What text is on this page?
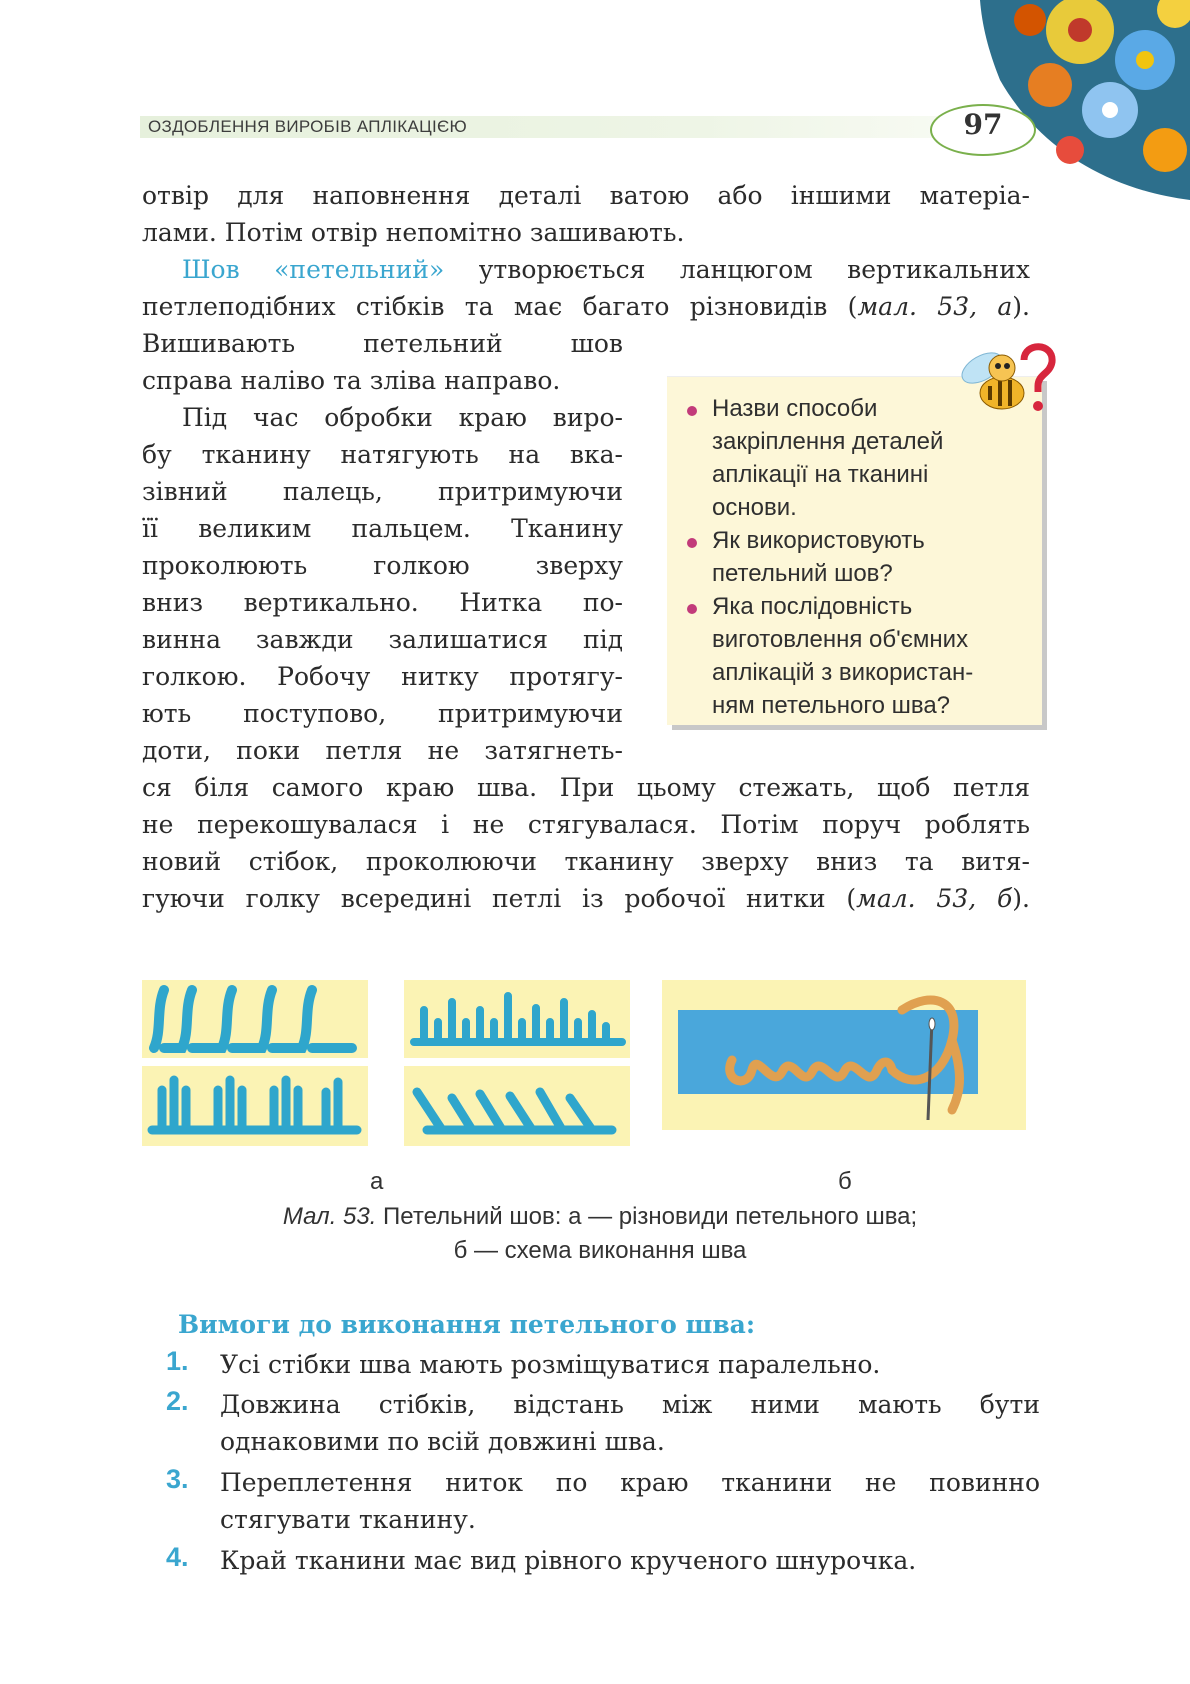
ОЗДОБЛЕННЯ ВИРОБІВ АПЛІКАЦІЄЮ	97
отвір для наповнення деталі ватою або іншими матеріа-
лами. Потім отвір непомітно зашивають.
Шов «петельний» утворюється ланцюгом вертикальних
петлеподібних стібків та має багато різновидів (мал. 53, а).
Вишивають петельний шов
справа наліво та зліва направо.
Під час обробки краю виро-
бу тканину натягують на вка-
зівний палець, притримуючи
її великим пальцем. Тканину
проколюють голкою зверху
вниз вертикально. Нитка по-
винна завжди залишатися під
голкою. Робочу нитку протягу-
ють поступово, притримуючи
доти, поки петля не затягнеть-
ся біля самого краю шва. При цьому стежать, щоб петля
не перекошувалася і не стягувалася. Потім поруч роблять
новий стібок, проколюючи тканину зверху вниз та витя-
гуючи голку всередині петлі із робочої нитки (мал. 53, б).
Назви способи
закріплення деталей
аплікації на тканині
основи.
Як використовують
петельний шов?
Яка послідовність
виготовлення об'ємних
аплікацій з використан-
ням петельного шва?
а	б
Мал. 53. Петельний шов: а — різновиди петельного шва;
б — схема виконання шва
Вимоги до виконання петельного шва:
1. Усі стібки шва мають розміщуватися паралельно.
2. Довжина стібків, відстань між ними мають бути
однаковими по всій довжині шва.
3. Переплетення ниток по краю тканини не повинно
стягувати тканину.
4. Край тканини має вид рівного крученого шнурочка.
